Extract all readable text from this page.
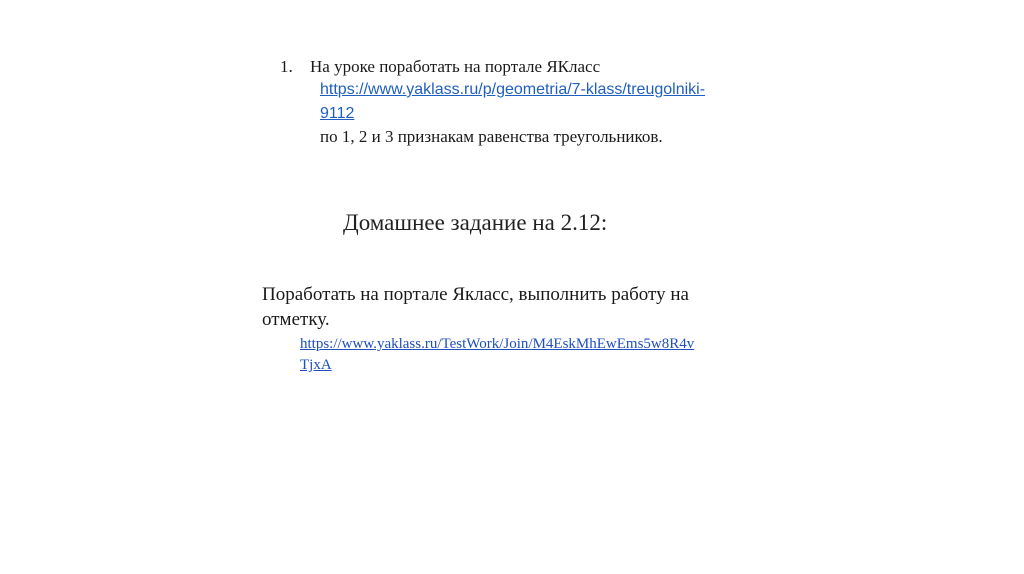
1.	На уроке поработать на портале ЯКласс
https://www.yaklass.ru/p/geometria/7-klass/treugolniki-
9112
по 1, 2 и 3 признакам равенства треугольников.
Домашнее задание на 2.12:
Поработать на портале Якласс, выполнить работу на
отметку.
https://www.yaklass.ru/TestWork/Join/M4EskMhEwEms5w8R4v
TjxA
